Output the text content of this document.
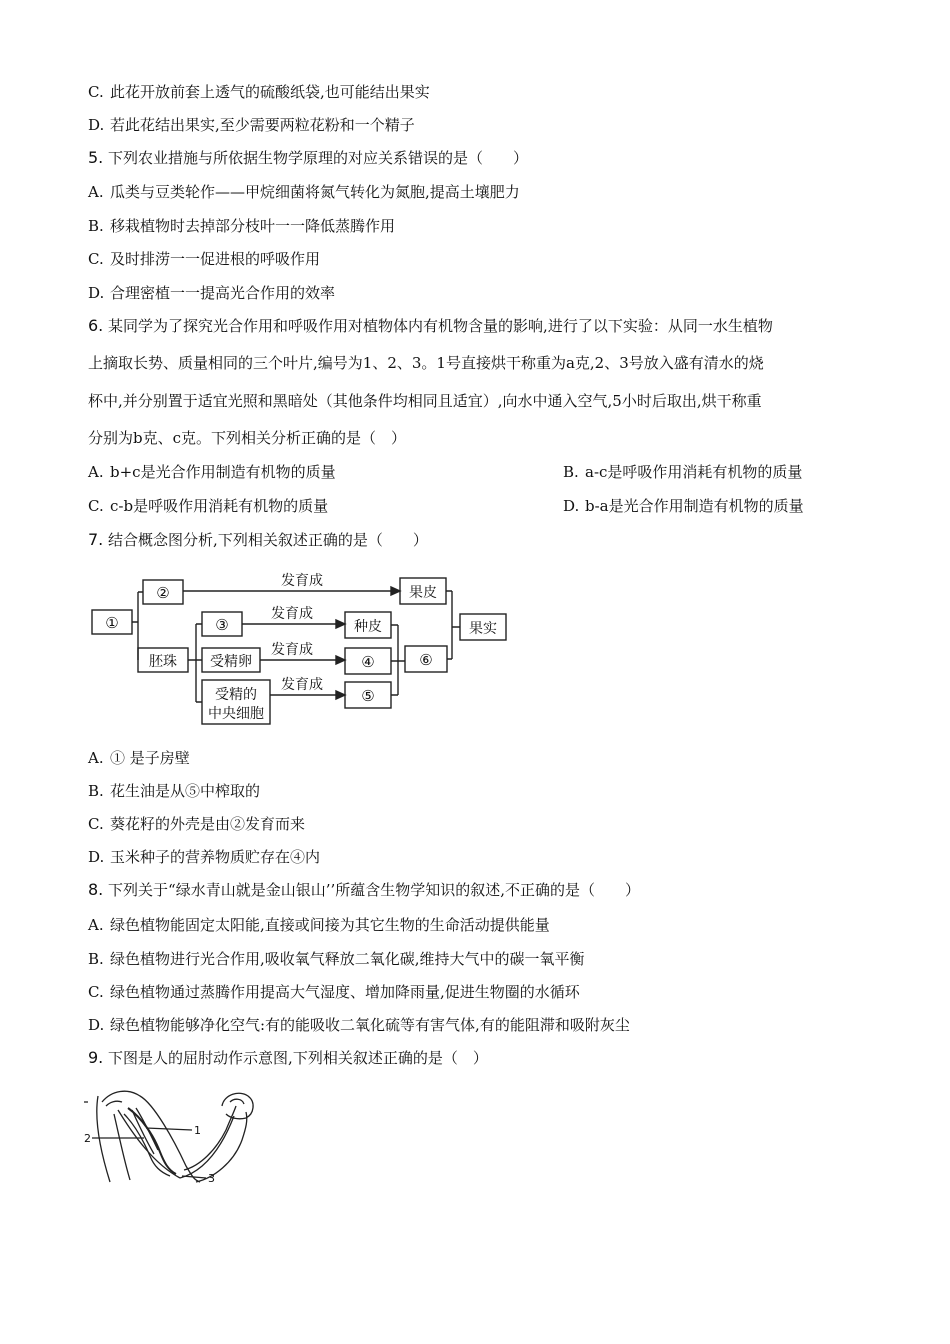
C. 此花开放前套上透气的硫酸纸袋,也可能结出果实
D. 若此花结出果实,至少需要两粒花粉和一个精子
5. 下列农业措施与所依据生物学原理的对应关系错误的是（　　）
A. 瓜类与豆类轮作——甲烷细菌将氮气转化为氮胞,提高土壤肥力
B. 移栽植物时去掉部分枝叶一一降低蒸腾作用
C. 及时排涝一一促进根的呼吸作用
D. 合理密植一一提高光合作用的效率
6. 某同学为了探究光合作用和呼吸作用对植物体内有机物含量的影响,进行了以下实验：从同一水生植物
上摘取长势、质量相同的三个叶片,编号为1、2、3。1号直接烘干称重为a克,2、3号放入盛有清水的烧
杯中,并分别置于适宜光照和黑暗处（其他条件均相同且适宜）,向水中通入空气,5小时后取出,烘干称重
分别为b克、c克。下列相关分析正确的是（　）
A. b+c是光合作用制造有机物的质量	B. a-c是呼吸作用消耗有机物的质量
C. c-b是呼吸作用消耗有机物的质量	D. b-a是光合作用制造有机物的质量
7. 结合概念图分析,下列相关叙述正确的是（　　）
①
②
胚珠
③
受精卵
受精的
中央细胞
果皮
种皮
④
⑤
⑥
果实
发育成
发育成
发育成
发育成
A. ① 是子房壁
B. 花生油是从⑤中榨取的
C. 葵花籽的外壳是由②发育而来
D. 玉米种子的营养物质贮存在④内
8. 下列关于“绿水青山就是金山银山’’所蕴含生物学知识的叙述,不正确的是（　　）
A. 绿色植物能固定太阳能,直接或间接为其它生物的生命活动提供能量
B. 绿色植物进行光合作用,吸收氧气释放二氧化碳,维持大气中的碳一氧平衡
C. 绿色植物通过蒸腾作用提高大气湿度、增加降雨量,促进生物圈的水循环
D. 绿色植物能够净化空气:有的能吸收二氧化硫等有害气体,有的能阻滞和吸附灰尘
9. 下图是人的屈肘动作示意图,下列相关叙述正确的是（　）
1
2
3
